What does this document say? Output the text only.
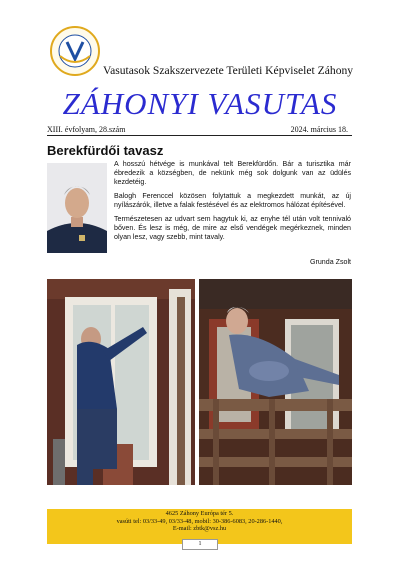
Vasutasok Szakszervezete Területi Képviselet Záhony
ZÁHONYI VASUTAS
XIII. évfolyam, 28.szám	2024. március 18.
Berekfürdői tavasz

A hosszú hétvége is munkával telt Berekfürdőn. Bár a turisztika már ébredezik a községben, de nekünk még sok dolgunk van az üdülés kezdetéig.

Balogh Ferenccel közösen folytattuk a megkezdett munkát, az új nyílászárók, illetve a falak festésével és az elektromos hálózat építésével.

Természetesen az udvart sem hagytuk ki, az enyhe tél után volt tennivaló bőven. És lesz is még, de mire az első vendégek megérkeznek, minden olyan lesz, vagy szebb, mint tavaly.

Grunda Zsolt
4625 Záhony Európa tér 5.
vasúti tel: 03/33-49, 03/33-48, mobil: 30-386-6083, 20-286-1440,
E-mail: zbtk@vsz.hu
1
